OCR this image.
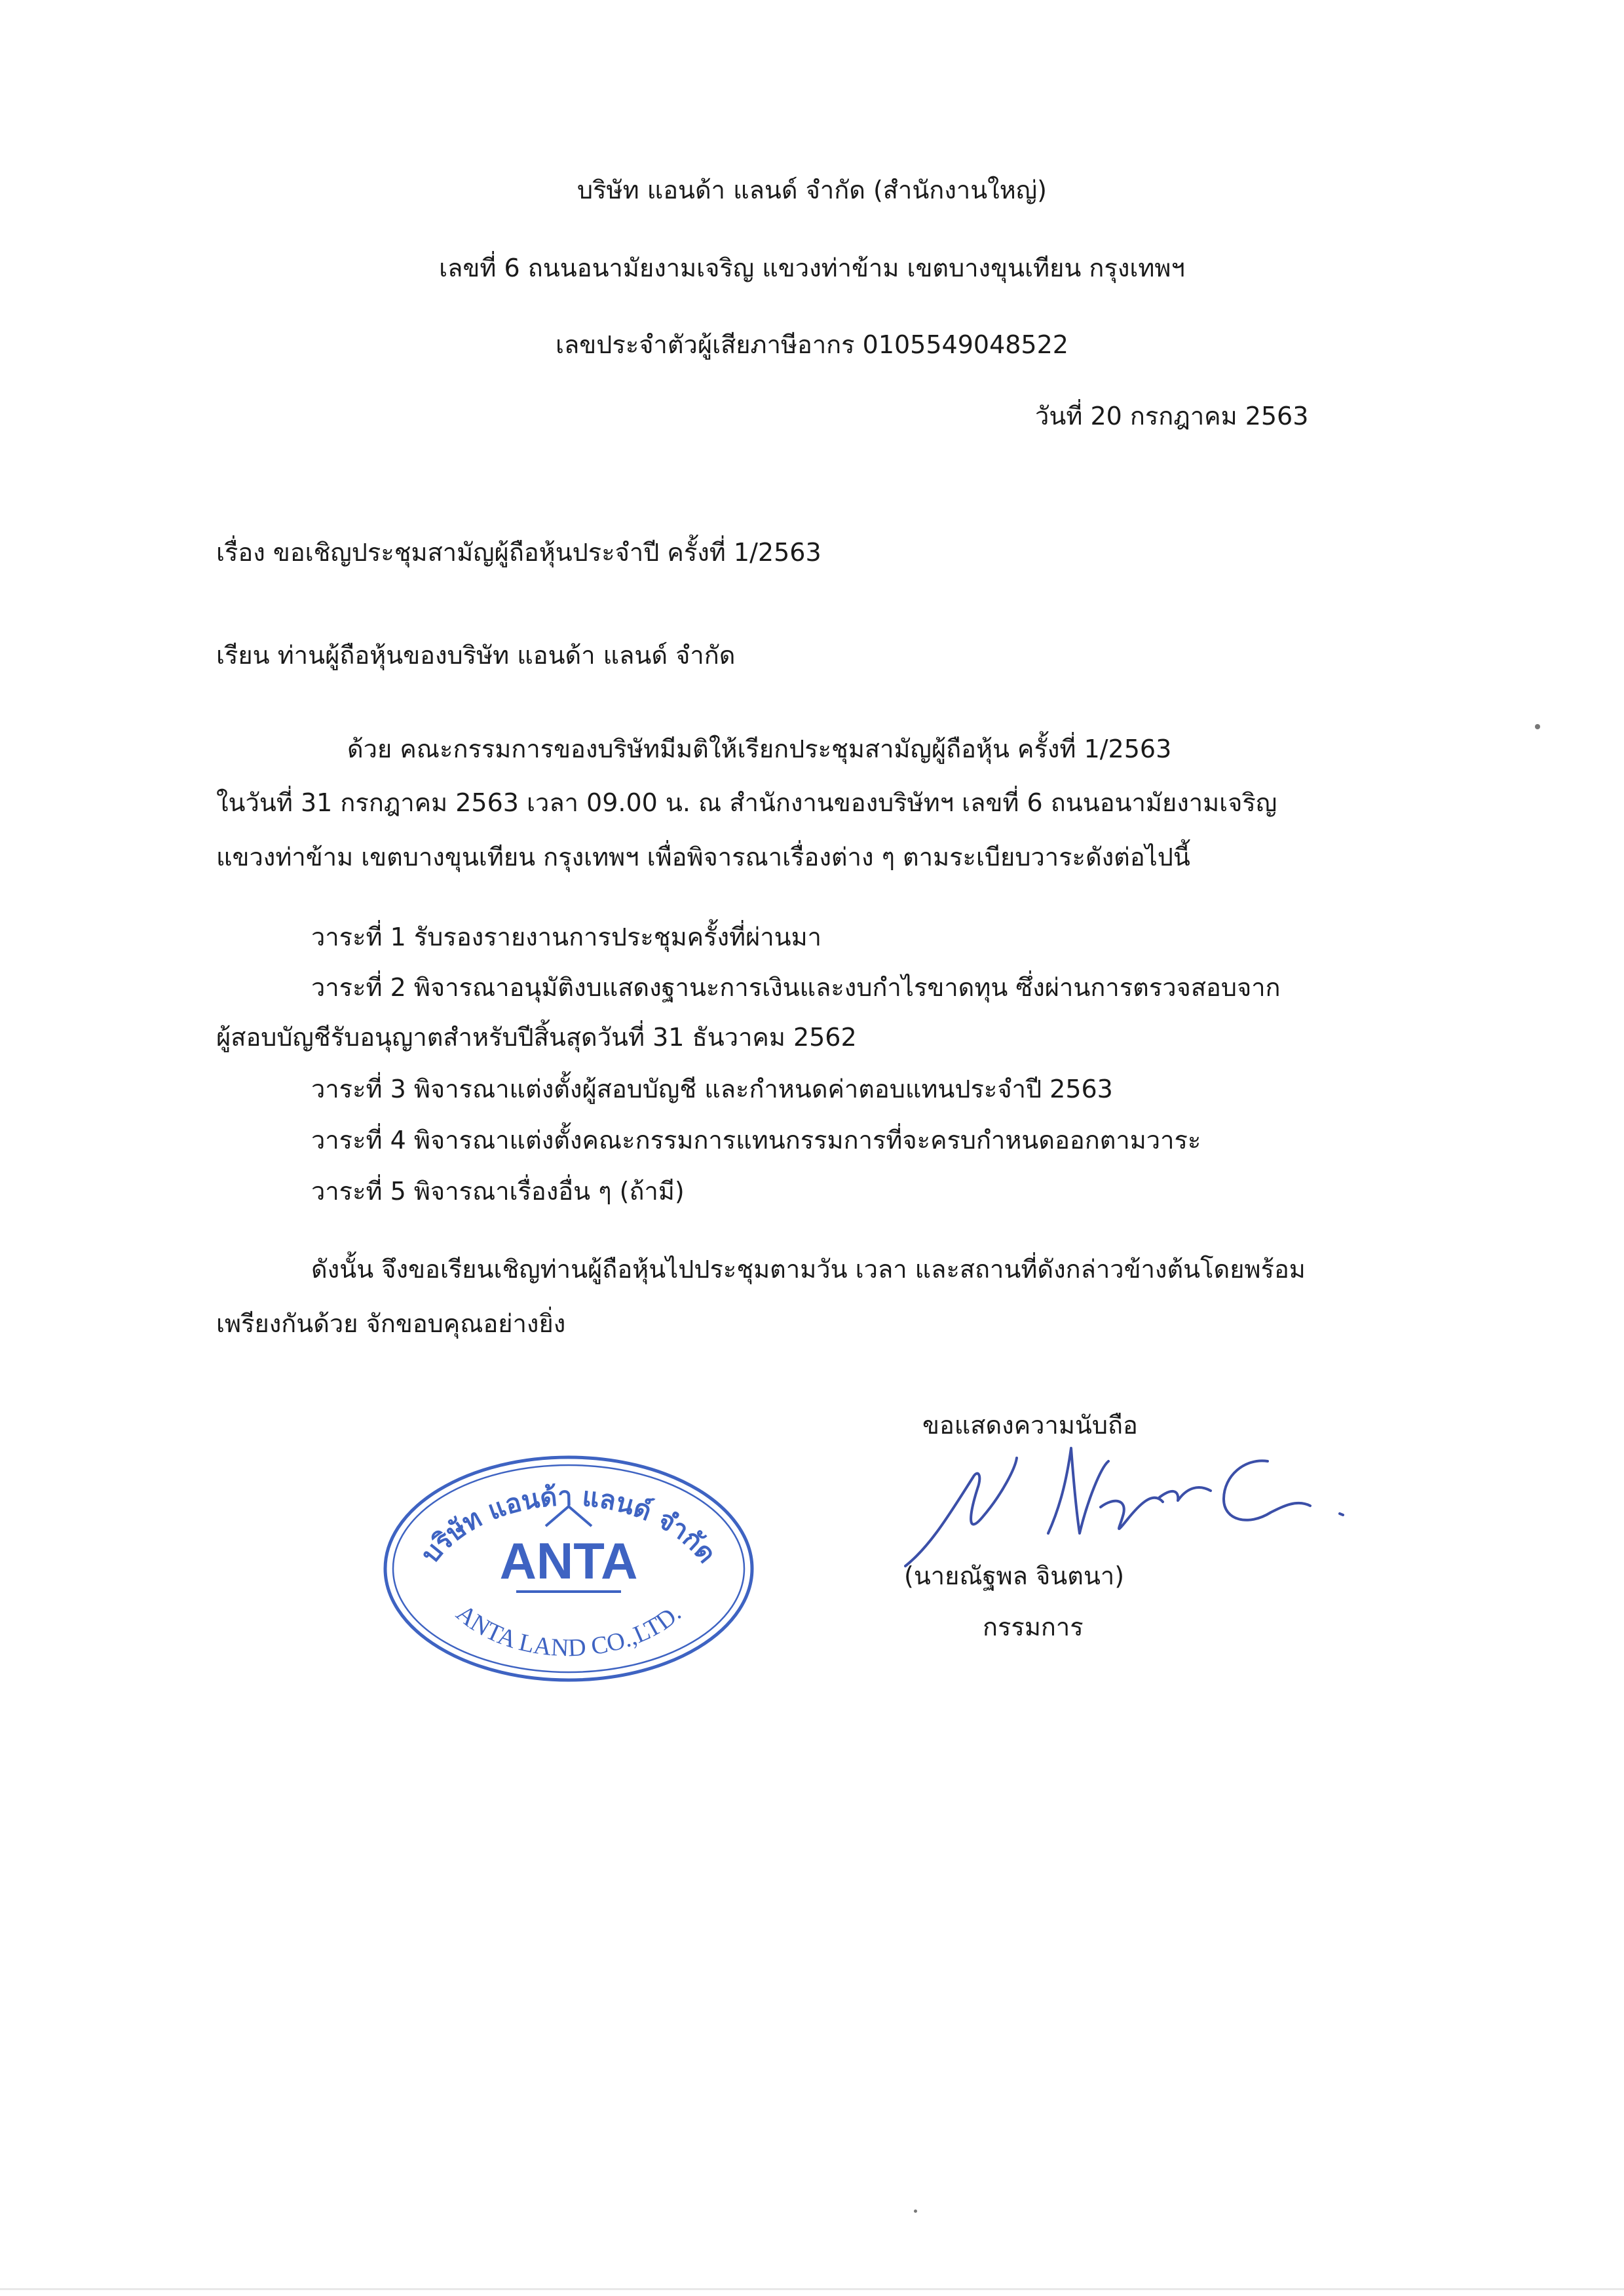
บริษัท แอนด้า แลนด์ จำกัด (สำนักงานใหญ่)
เลขที่ 6 ถนนอนามัยงามเจริญ แขวงท่าข้าม เขตบางขุนเทียน กรุงเทพฯ
เลขประจำตัวผู้เสียภาษีอากร 0105549048522
วันที่ 20 กรกฎาคม 2563
เรื่อง ขอเชิญประชุมสามัญผู้ถือหุ้นประจำปี ครั้งที่ 1/2563
เรียน ท่านผู้ถือหุ้นของบริษัท แอนด้า แลนด์ จำกัด
ด้วย คณะกรรมการของบริษัทมีมติให้เรียกประชุมสามัญผู้ถือหุ้น ครั้งที่ 1/2563
ในวันที่ 31 กรกฎาคม 2563 เวลา 09.00 น. ณ สำนักงานของบริษัทฯ เลขที่ 6 ถนนอนามัยงามเจริญ
แขวงท่าข้าม เขตบางขุนเทียน กรุงเทพฯ เพื่อพิจารณาเรื่องต่าง ๆ ตามระเบียบวาระดังต่อไปนี้
วาระที่ 1 รับรองรายงานการประชุมครั้งที่ผ่านมา
วาระที่ 2 พิจารณาอนุมัติงบแสดงฐานะการเงินและงบกำไรขาดทุน ซึ่งผ่านการตรวจสอบจาก
ผู้สอบบัญชีรับอนุญาตสำหรับปีสิ้นสุดวันที่ 31 ธันวาคม 2562
วาระที่ 3 พิจารณาแต่งตั้งผู้สอบบัญชี และกำหนดค่าตอบแทนประจำปี 2563
วาระที่ 4 พิจารณาแต่งตั้งคณะกรรมการแทนกรรมการที่จะครบกำหนดออกตามวาระ
วาระที่ 5 พิจารณาเรื่องอื่น ๆ (ถ้ามี)
ดังนั้น จึงขอเรียนเชิญท่านผู้ถือหุ้นไปประชุมตามวัน เวลา และสถานที่ดังกล่าวข้างต้นโดยพร้อม
เพรียงกันด้วย จักขอบคุณอย่างยิ่ง
ขอแสดงความนับถือ
(นายณัฐพล จินตนา)
กรรมการ
บริษัท แอนด้า แลนด์ จำกัด
ANTA
ANTA LAND CO.,LTD.
